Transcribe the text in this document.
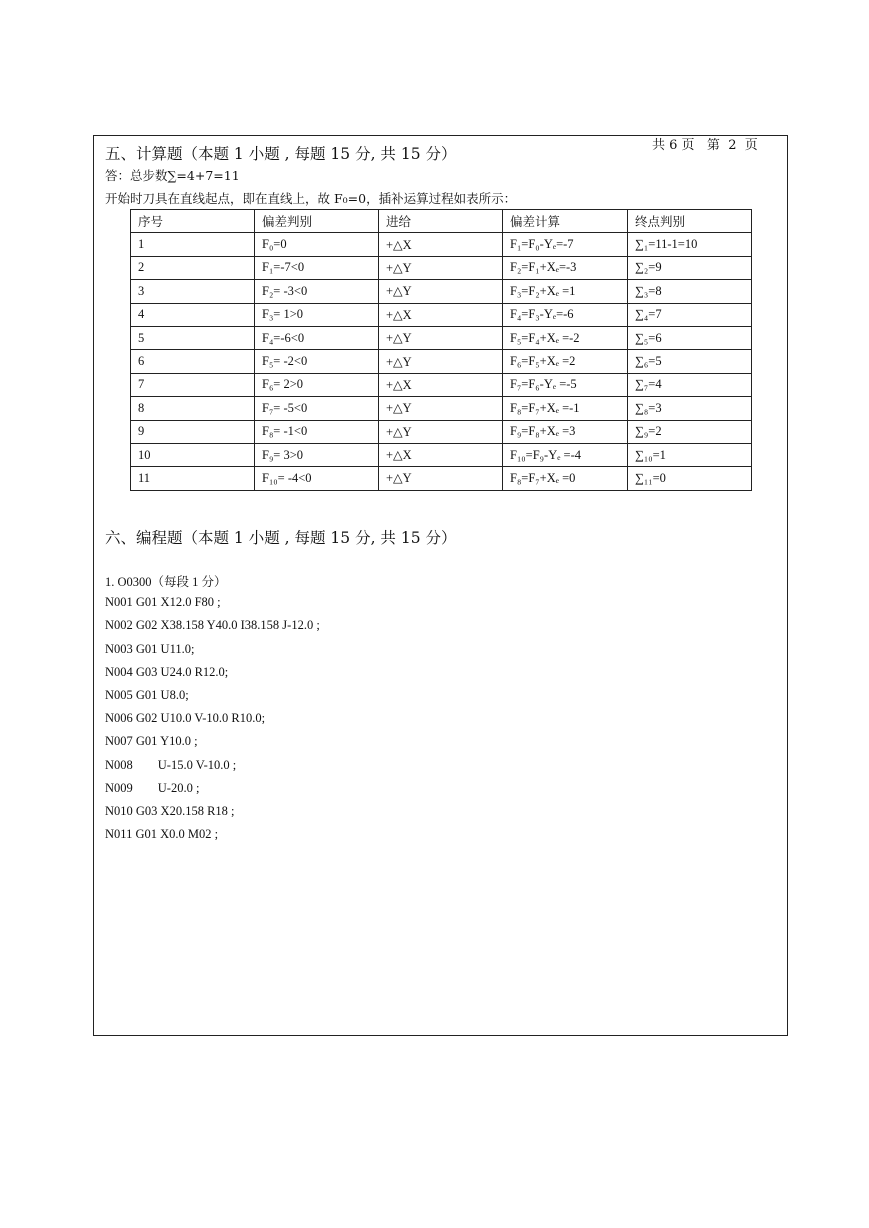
共 6 页   第  2  页
五、计算题（本题 1 小题 , 每题 15 分, 共 15 分）
答：总步数∑=4+7=11
开始时刀具在直线起点，即在直线上，故 F₀=0，插补运算过程如表所示：
序号	偏差判别	进给	偏差计算	终点判别
1	F₀=0	+△X	F₁=F₀-Yₑ=-7	∑₁=11-1=10
2	F₁=-7<0	+△Y	F₂=F₁+Xₑ=-3	∑₂=9
3	F₂= -3<0	+△Y	F₃=F₂+Xₑ =1	∑₃=8
4	F₃= 1>0	+△X	F₄=F₃-Yₑ=-6	∑₄=7
5	F₄=-6<0	+△Y	F₅=F₄+Xₑ =-2	∑₅=6
6	F₅= -2<0	+△Y	F₆=F₅+Xₑ =2	∑₆=5
7	F₆= 2>0	+△X	F₇=F₆-Yₑ =-5	∑₇=4
8	F₇= -5<0	+△Y	F₈=F₇+Xₑ =-1	∑₈=3
9	F₈= -1<0	+△Y	F₉=F₈+Xₑ =3	∑₉=2
10	F₉= 3>0	+△X	F₁₀=F₉-Yₑ =-4	∑₁₀=1
11	F₁₀= -4<0	+△Y	F₈=F₇+Xₑ =0	∑₁₁=0
六、编程题（本题 1 小题 , 每题 15 分, 共 15 分）
1. O0300（每段 1 分）
N001 G01 X12.0 F80 ;
N002 G02 X38.158 Y40.0 I38.158 J-12.0 ;
N003 G01 U11.0;
N004 G03 U24.0 R12.0;
N005 G01 U8.0;
N006 G02 U10.0 V-10.0 R10.0;
N007 G01 Y10.0 ;
N008        U-15.0 V-10.0 ;
N009        U-20.0 ;
N010 G03 X20.158 R18 ;
N011 G01 X0.0 M02 ;
